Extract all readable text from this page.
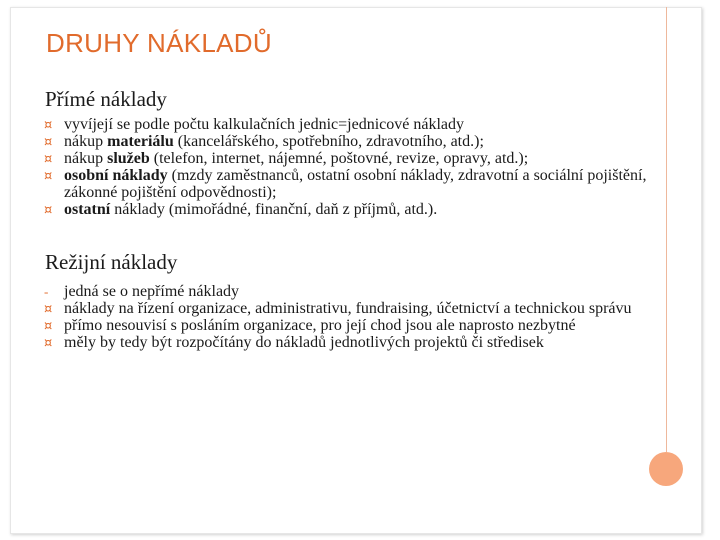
DRUHY NÁKLADŮ
Přímé náklady
¤ vyvíjejí se podle počtu kalkulačních jednic=jednicové náklady
¤ nákup materiálu (kancelářského, spotřebního, zdravotního, atd.);
¤ nákup služeb (telefon, internet, nájemné, poštovné, revize, opravy, atd.);
¤ osobní náklady (mzdy zaměstnanců, ostatní osobní náklady, zdravotní a sociální pojištění, zákonné pojištění odpovědnosti);
¤ ostatní náklady (mimořádné, finanční, daň z příjmů, atd.).
Režijní náklady
- jedná se o nepřímé náklady
¤ náklady na řízení organizace, administrativu, fundraising, účetnictví a technickou správu
¤ přímo nesouvisí s posláním organizace, pro její chod jsou ale naprosto nezbytné
¤ měly by tedy být rozpočítány do nákladů jednotlivých projektů či středisek
